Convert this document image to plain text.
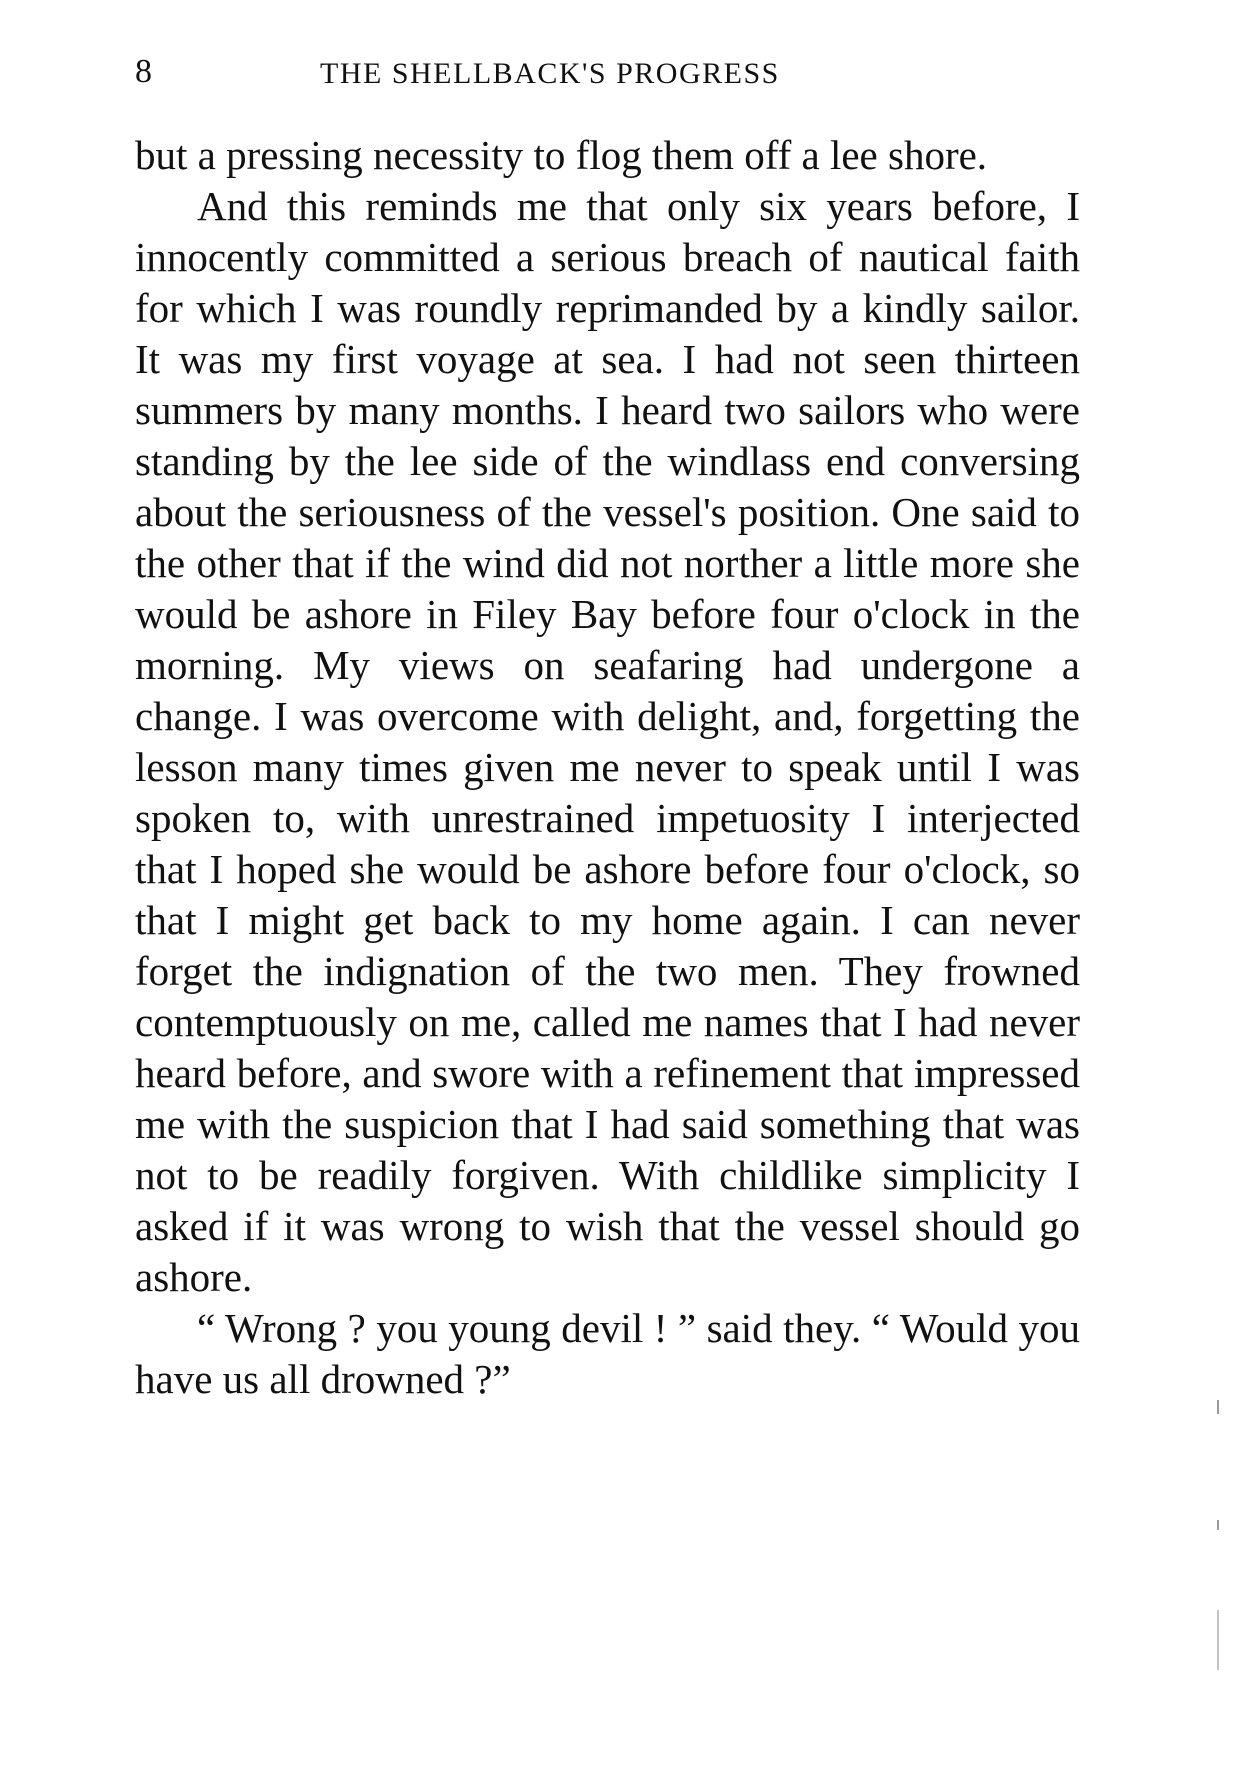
8	THE SHELLBACK'S PROGRESS

but a pressing necessity to flog them off a lee shore.

And this reminds me that only six years before, I innocently committed a serious breach of nautical faith for which I was roundly reprimanded by a kindly sailor. It was my first voyage at sea. I had not seen thirteen summers by many months. I heard two sailors who were standing by the lee side of the windlass end conversing about the seriousness of the vessel's position. One said to the other that if the wind did not norther a little more she would be ashore in Filey Bay before four o'clock in the morning. My views on seafaring had undergone a change. I was overcome with delight, and, forgetting the lesson many times given me never to speak until I was spoken to, with unrestrained impetuosity I interjected that I hoped she would be ashore before four o'clock, so that I might get back to my home again. I can never forget the indignation of the two men. They frowned contemptuously on me, called me names that I had never heard before, and swore with a refinement that impressed me with the suspicion that I had said something that was not to be readily forgiven. With childlike simplicity I asked if it was wrong to wish that the vessel should go ashore.

“ Wrong ? you young devil ! ” said they. “ Would you have us all drowned ?”
